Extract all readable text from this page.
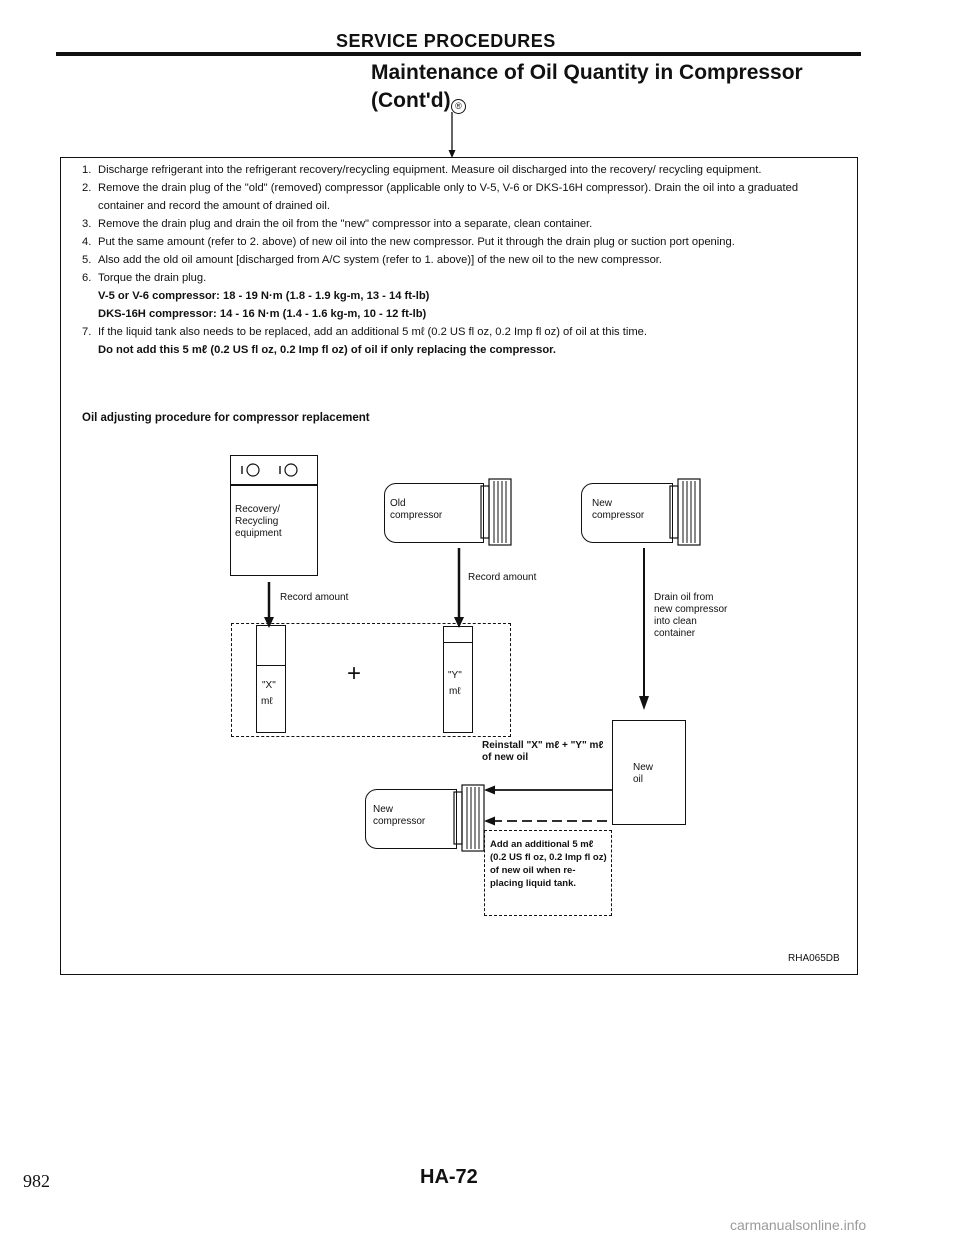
SERVICE PROCEDURES
Maintenance of Oil Quantity in Compressor
(Cont'd) ®
1. Discharge refrigerant into the refrigerant recovery/recycling equipment. Measure oil discharged into the recovery/ recycling equipment.
2. Remove the drain plug of the "old" (removed) compressor (applicable only to V-5, V-6 or DKS-16H compressor). Drain the oil into a graduated container and record the amount of drained oil.
3. Remove the drain plug and drain the oil from the "new" compressor into a separate, clean container.
4. Put the same amount (refer to 2. above) of new oil into the new compressor. Put it through the drain plug or suction port opening.
5. Also add the old oil amount [discharged from A/C system (refer to 1. above)] of the new oil to the new compressor.
6. Torque the drain plug.
V-5 or V-6 compressor: 18 - 19 N·m (1.8 - 1.9 kg-m, 13 - 14 ft-lb)
DKS-16H compressor: 14 - 16 N·m (1.4 - 1.6 kg-m, 10 - 12 ft-lb)
7. If the liquid tank also needs to be replaced, add an additional 5 mℓ (0.2 US fl oz, 0.2 Imp fl oz) of oil at this time.
Do not add this 5 mℓ (0.2 US fl oz, 0.2 Imp fl oz) of oil if only replacing the compressor.
Oil adjusting procedure for compressor replacement

Recovery/ Recycling equipment

Old compressor

New compressor

Record amount

Record amount

"X"

mℓ

+	"Y"

mℓ

Drain oil from new compressor into clean container

New oil

Reinstall "X" mℓ + "Y" mℓ of new oil

New compressor

Add an additional 5 mℓ (0.2 US fl oz, 0.2 Imp fl oz) of new oil when re-placing liquid tank.

RHA065DB

982	HA-72
carmanualsonline.info
